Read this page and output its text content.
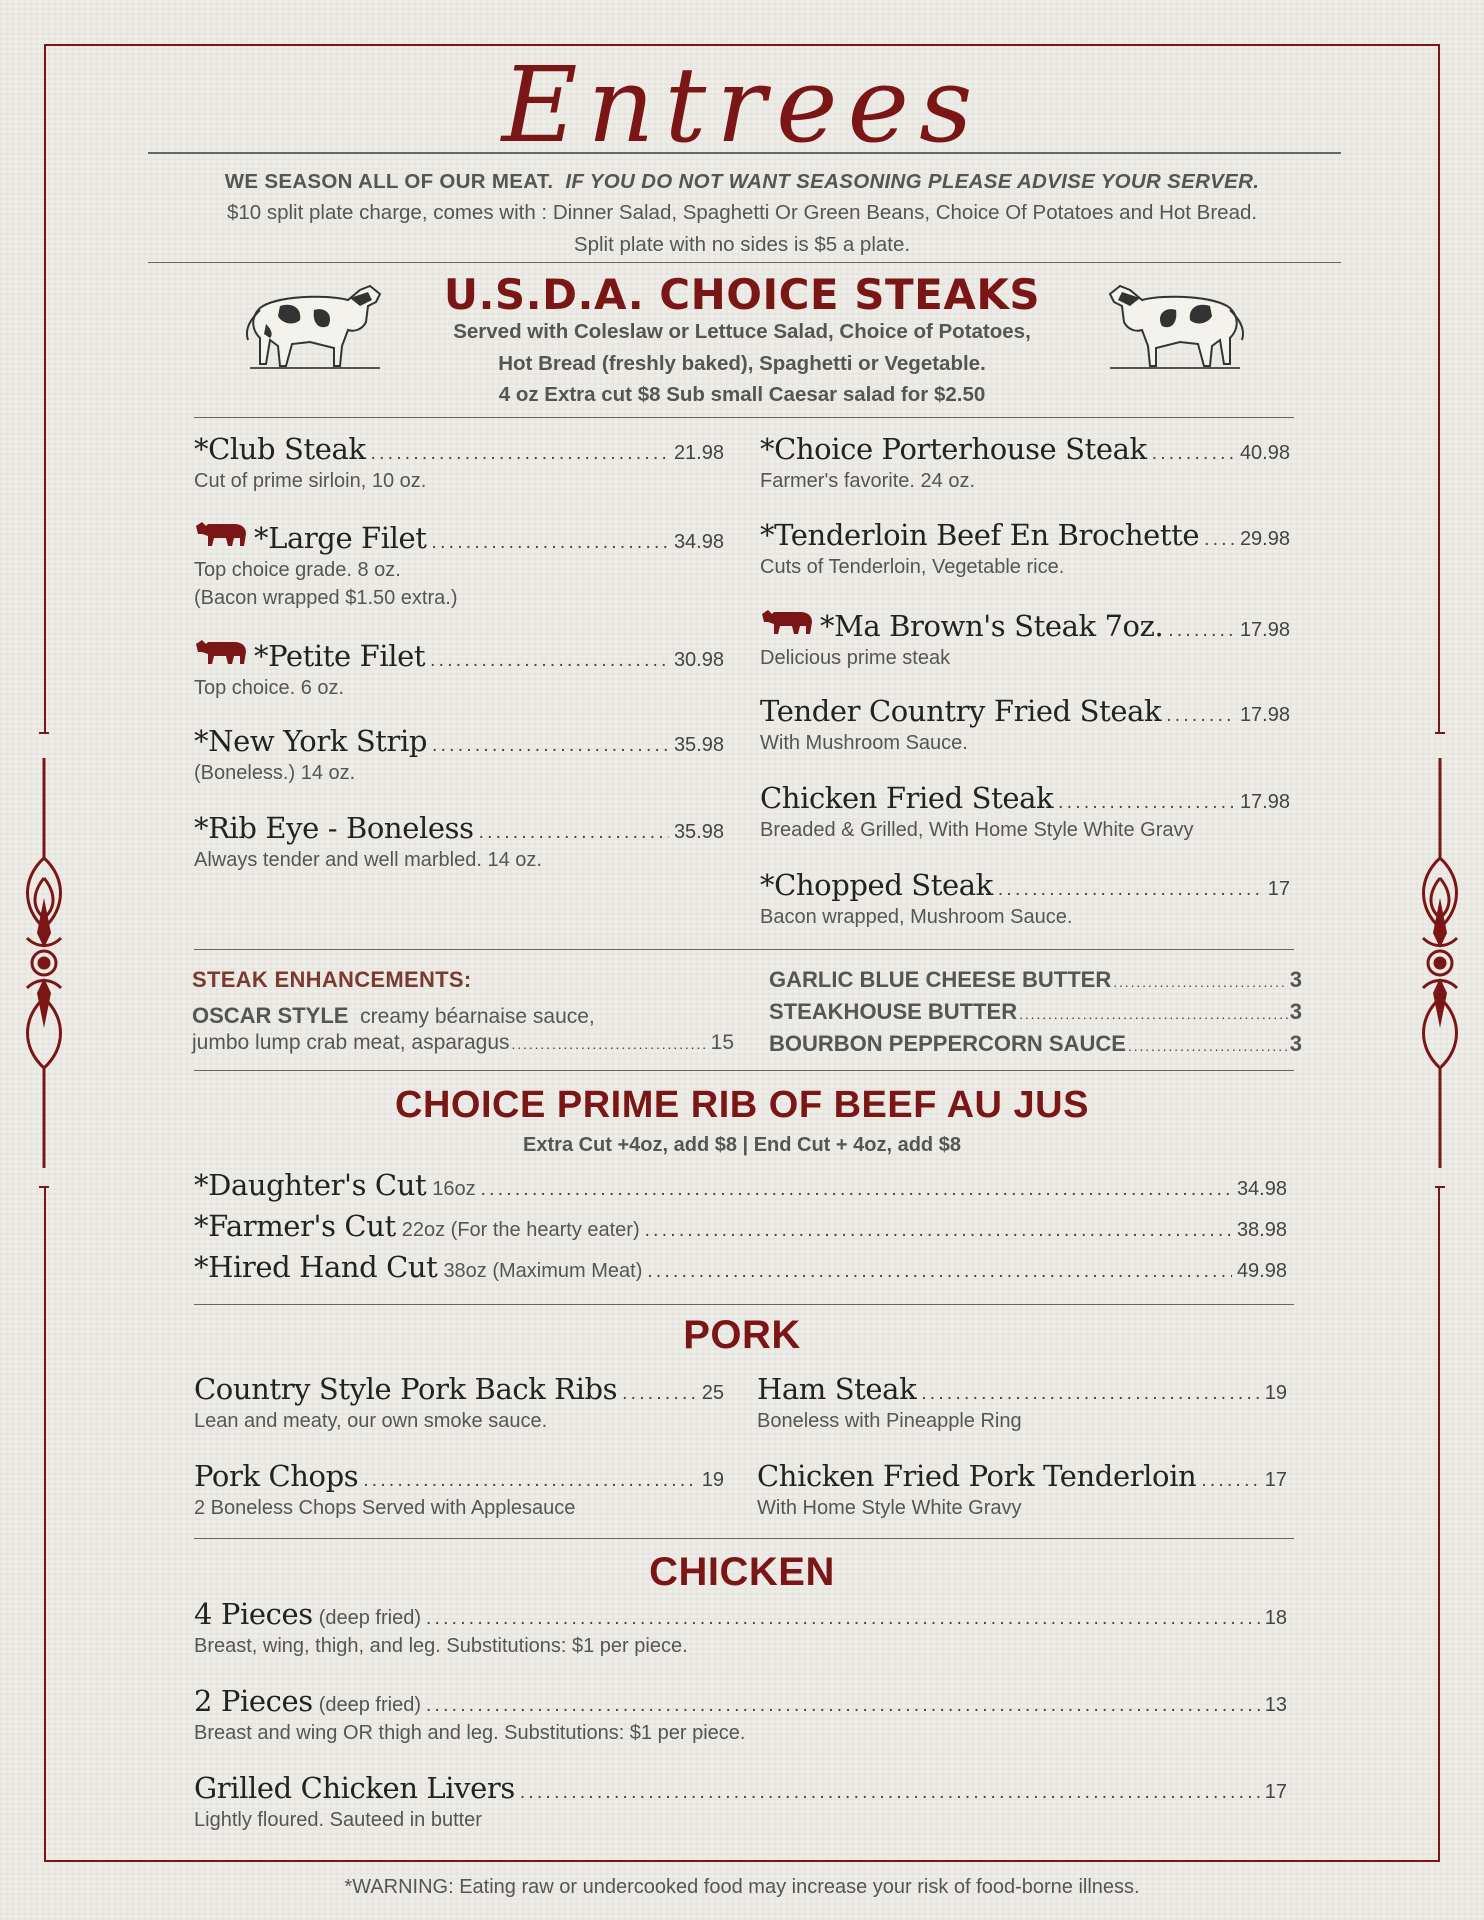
Entrees
WE SEASON ALL OF OUR MEAT. IF YOU DO NOT WANT SEASONING PLEASE ADVISE YOUR SERVER.
$10 split plate charge, comes with : Dinner Salad, Spaghetti Or Green Beans, Choice Of Potatoes and Hot Bread.
Split plate with no sides is $5 a plate.
U.S.D.A. CHOICE STEAKS
Served with Coleslaw or Lettuce Salad, Choice of Potatoes,
Hot Bread (freshly baked), Spaghetti or Vegetable.
4 oz Extra cut $8 Sub small Caesar salad for $2.50
*Club Steak . . .	21.98
Cut of prime sirloin, 10 oz.
*Large Filet . . .	34.98
Top choice grade. 8 oz.
(Bacon wrapped $1.50 extra.)
*Petite Filet . . .	30.98
Top choice. 6 oz.
*New York Strip . . .	35.98
(Boneless.) 14 oz.
*Rib Eye - Boneless . . .	35.98
Always tender and well marbled. 14 oz.
*Choice Porterhouse Steak . . .	40.98
Farmer's favorite. 24 oz.
*Tenderloin Beef En Brochette . . . 29.98
Cuts of Tenderloin, Vegetable rice.
*Ma Brown's Steak 7oz. . . .	17.98
Delicious prime steak
Tender Country Fried Steak . . .	17.98
With Mushroom Sauce.
Chicken Fried Steak . . .	17.98
Breaded & Grilled, With Home Style White Gravy
*Chopped Steak . . .	17
Bacon wrapped, Mushroom Sauce.
STEAK ENHANCEMENTS:
OSCAR STYLE creamy béarnaise sauce,
jumbo lump crab meat, asparagus . . .	15
GARLIC BLUE CHEESE BUTTER . . .	3
STEAKHOUSE BUTTER . . .	3
BOURBON PEPPERCORN SAUCE . . .	3
CHOICE PRIME RIB OF BEEF AU JUS
Extra Cut +4oz, add $8 | End Cut + 4oz, add $8
*Daughter's Cut 16oz . . .	34.98
*Farmer's Cut 22oz (For the hearty eater) . . .	38.98
*Hired Hand Cut 38oz (Maximum Meat) . . .	49.98
PORK
Country Style Pork Back Ribs . . .	25
Lean and meaty, our own smoke sauce.
Ham Steak . . .	19
Boneless with Pineapple Ring
Pork Chops . . .	19
2 Boneless Chops Served with Applesauce
Chicken Fried Pork Tenderloin . . .	17
With Home Style White Gravy
CHICKEN
4 Pieces (deep fried) . . .	18
Breast, wing, thigh, and leg. Substitutions: $1 per piece.
2 Pieces (deep fried) . . .	13
Breast and wing OR thigh and leg. Substitutions: $1 per piece.
Grilled Chicken Livers . . .	17
Lightly floured. Sauteed in butter
*WARNING: Eating raw or undercooked food may increase your risk of food-borne illness.
